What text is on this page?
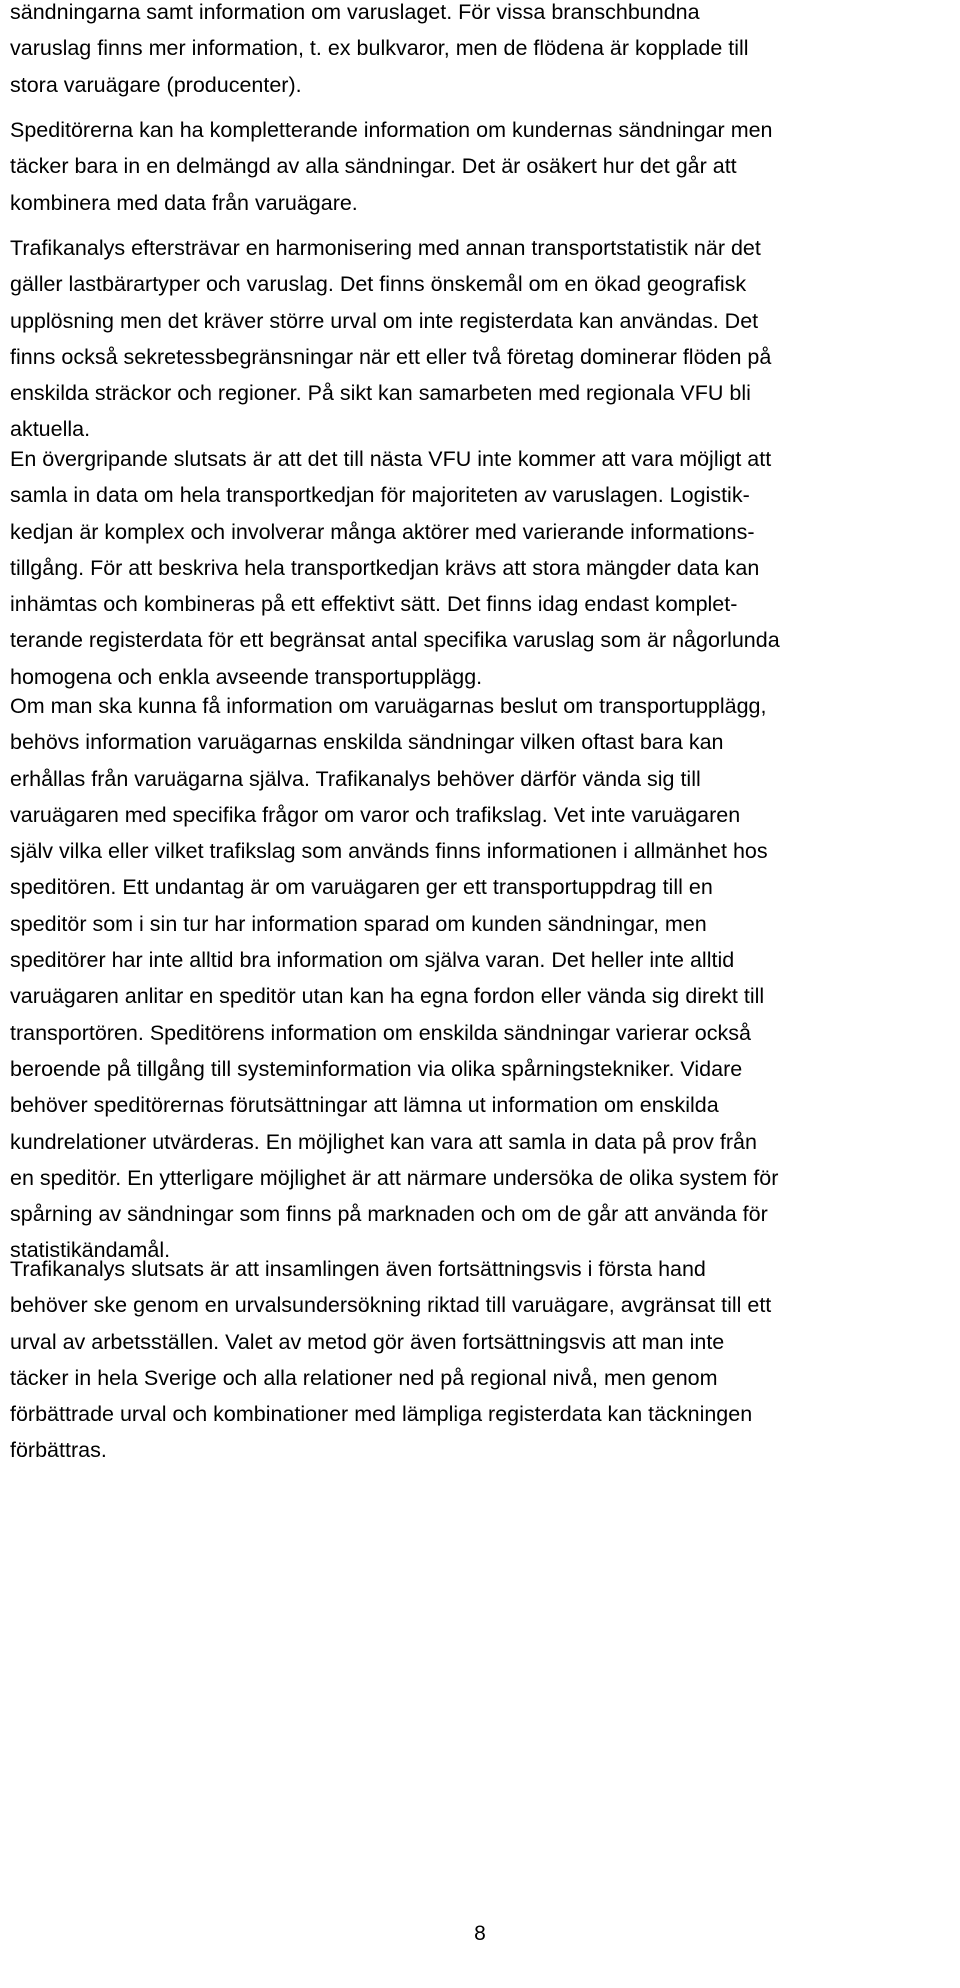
sändningarna samt information om varuslaget. För vissa branschbundna
varuslag finns mer information, t. ex bulkvaror, men de flödena är kopplade till
stora varuägare (producenter).

Speditörerna kan ha kompletterande information om kundernas sändningar men
täcker bara in en delmängd av alla sändningar. Det är osäkert hur det går att
kombinera med data från varuägare.

Trafikanalys eftersträvar en harmonisering med annan transportstatistik när det
gäller lastbärartyper och varuslag. Det finns önskemål om en ökad geografisk
upplösning men det kräver större urval om inte registerdata kan användas. Det
finns också sekretessbegränsningar när ett eller två företag dominerar flöden på
enskilda sträckor och regioner. På sikt kan samarbeten med regionala VFU bli
aktuella.

En övergripande slutsats är att det till nästa VFU inte kommer att vara möjligt att
samla in data om hela transportkedjan för majoriteten av varuslagen. Logistik-
kedjan är komplex och involverar många aktörer med varierande informations-
tillgång. För att beskriva hela transportkedjan krävs att stora mängder data kan
inhämtas och kombineras på ett effektivt sätt. Det finns idag endast komplet-
terande registerdata för ett begränsat antal specifika varuslag som är någorlunda
homogena och enkla avseende transportupplägg.

Om man ska kunna få information om varuägarnas beslut om transportupplägg,
behövs information varuägarnas enskilda sändningar vilken oftast bara kan
erhållas från varuägarna själva. Trafikanalys behöver därför vända sig till
varuägaren med specifika frågor om varor och trafikslag. Vet inte varuägaren
själv vilka eller vilket trafikslag som används finns informationen i allmänhet hos
speditören. Ett undantag är om varuägaren ger ett transportuppdrag till en
speditör som i sin tur har information sparad om kunden sändningar, men
speditörer har inte alltid bra information om själva varan. Det heller inte alltid
varuägaren anlitar en speditör utan kan ha egna fordon eller vända sig direkt till
transportören. Speditörens information om enskilda sändningar varierar också
beroende på tillgång till systeminformation via olika spårningstekniker. Vidare
behöver speditörernas förutsättningar att lämna ut information om enskilda
kundrelationer utvärderas. En möjlighet kan vara att samla in data på prov från
en speditör. En ytterligare möjlighet är att närmare undersöka de olika system för
spårning av sändningar som finns på marknaden och om de går att använda för
statistikändamål.

Trafikanalys slutsats är att insamlingen även fortsättningsvis i första hand
behöver ske genom en urvalsundersökning riktad till varuägare, avgränsat till ett
urval av arbetsställen. Valet av metod gör även fortsättningsvis att man inte
täcker in hela Sverige och alla relationer ned på regional nivå, men genom
förbättrade urval och kombinationer med lämpliga registerdata kan täckningen
förbättras.

8
